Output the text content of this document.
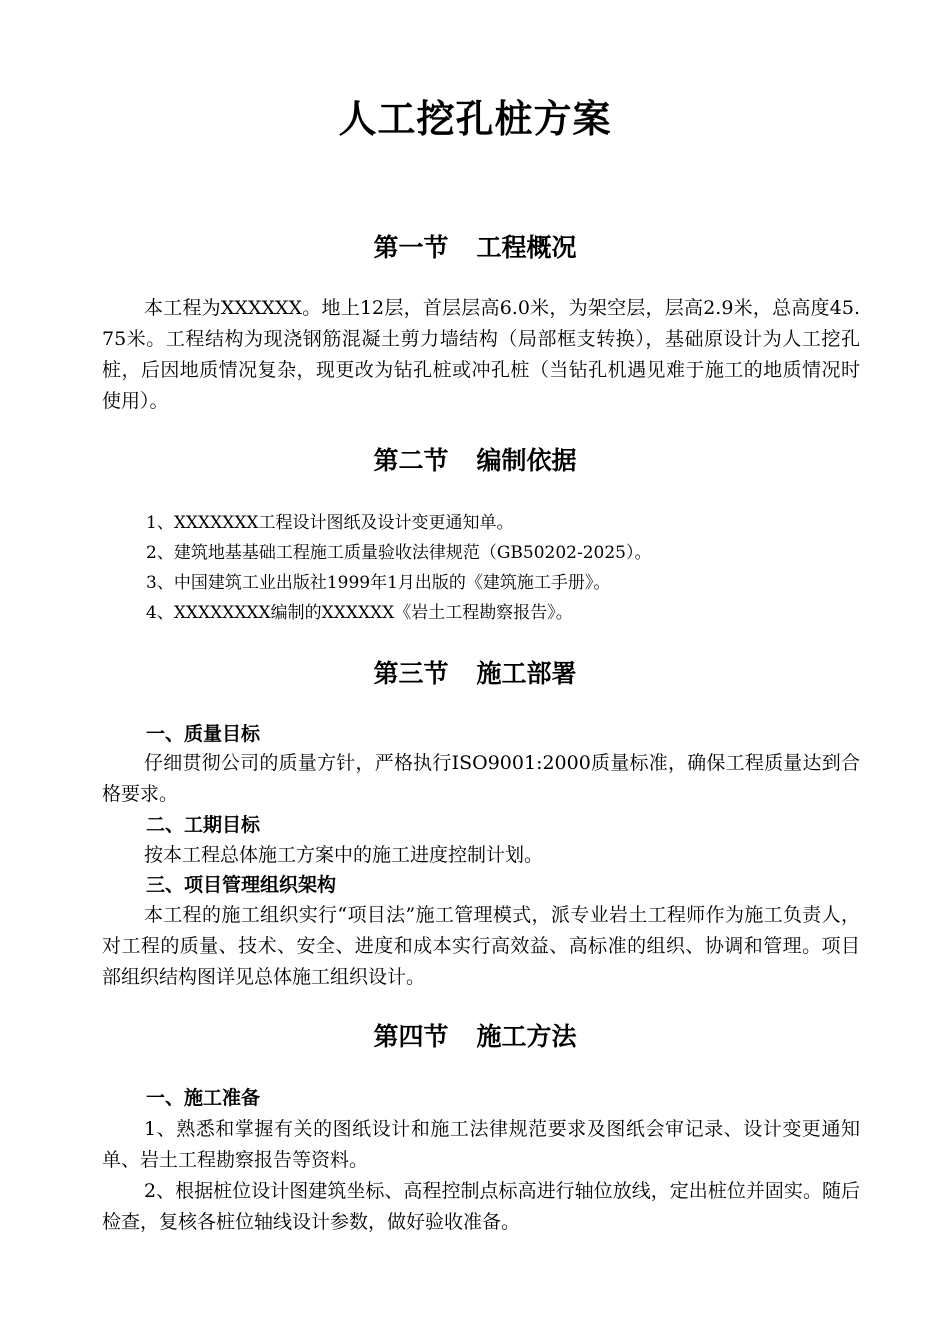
人工挖孔桩方案
第一节 工程概况
本工程为XXXXXX。地上12层，首层层高6.0米，为架空层，层高2.9米，总高度45.75米。工程结构为现浇钢筋混凝土剪力墙结构（局部框支转换），基础原设计为人工挖孔桩，后因地质情况复杂，现更改为钻孔桩或冲孔桩（当钻孔机遇见难于施工的地质情况时使用）。
第二节 编制依据
1、XXXXXXX工程设计图纸及设计变更通知单。
2、建筑地基基础工程施工质量验收法律规范（GB50202-2025）。
3、中国建筑工业出版社1999年1月出版的《建筑施工手册》。
4、XXXXXXXX编制的XXXXXX《岩土工程勘察报告》。
第三节 施工部署
一、质量目标
仔细贯彻公司的质量方针，严格执行ISO9001:2000质量标准，确保工程质量达到合格要求。
二、工期目标
按本工程总体施工方案中的施工进度控制计划。
三、项目管理组织架构
本工程的施工组织实行“项目法”施工管理模式，派专业岩土工程师作为施工负责人，对工程的质量、技术、安全、进度和成本实行高效益、高标准的组织、协调和管理。项目部组织结构图详见总体施工组织设计。
第四节 施工方法
一、施工准备
1、熟悉和掌握有关的图纸设计和施工法律规范要求及图纸会审记录、设计变更通知单、岩土工程勘察报告等资料。
2、根据桩位设计图建筑坐标、高程控制点标高进行轴位放线，定出桩位并固实。随后检查，复核各桩位轴线设计参数，做好验收准备。
